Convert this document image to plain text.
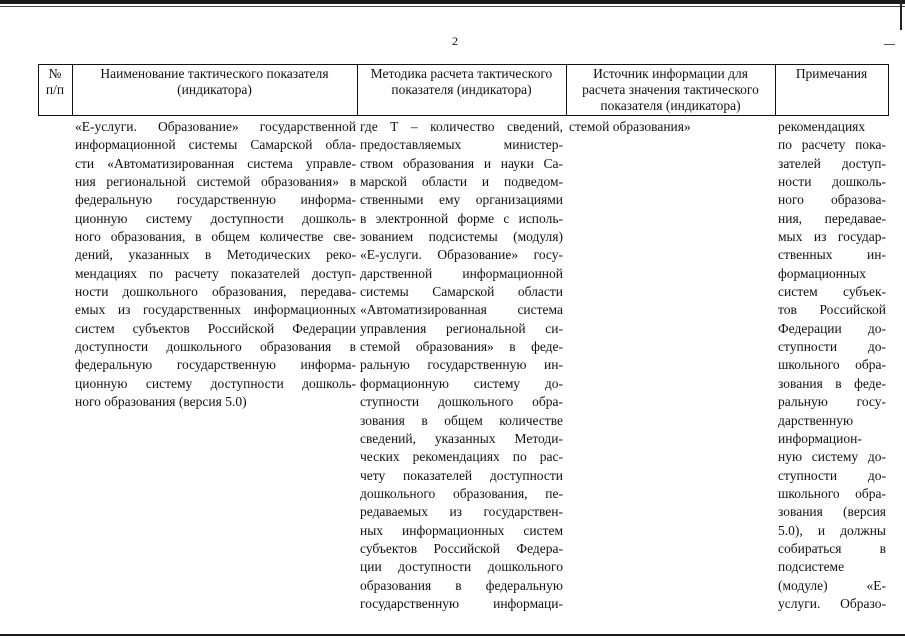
2
№
п/п
Наименование тактического показателя
(индикатора)
Методика расчета тактического
показателя (индикатора)
Источник информации для
расчета значения тактического
показателя (индикатора)
Примечания
«Е-услуги. Образование» государственной
информационной системы Самарской обла-
сти «Автоматизированная система управле-
ния региональной системой образования» в
федеральную государственную информа-
ционную систему доступности дошколь-
ного образования, в общем количестве све-
дений, указанных в Методических реко-
мендациях по расчету показателей доступ-
ности дошкольного образования, передава-
емых из государственных информационных
систем субъектов Российской Федерации
доступности дошкольного образования в
федеральную государственную информа-
ционную систему доступности дошколь-
ного образования (версия 5.0)
где Т – количество сведений,
предоставляемых министер-
ством образования и науки Са-
марской области и подведом-
ственными ему организациями
в электронной форме с исполь-
зованием подсистемы (модуля)
«Е-услуги. Образование» госу-
дарственной информационной
системы Самарской области
«Автоматизированная система
управления региональной си-
стемой образования» в феде-
ральную государственную ин-
формационную систему до-
ступности дошкольного обра-
зования в общем количестве
сведений, указанных Методи-
ческих рекомендациях по рас-
чету показателей доступности
дошкольного образования, пе-
редаваемых из государствен-
ных информационных систем
субъектов Российской Федера-
ции доступности дошкольного
образования в федеральную
государственную информаци-
стемой образования»	рекомендациях
по расчету пока-
зателей доступ-
ности дошколь-
ного образова-
ния, передавае-
мых из государ-
ственных ин-
формационных
систем субъек-
тов Российской
Федерации до-
ступности до-
школьного обра-
зования в феде-
ральную госу-
дарственную
информацион-
ную систему до-
ступности до-
школьного обра-
зования (версия
5.0), и должны
собираться в
подсистеме
(модуле) «Е-
услуги. Образо-
